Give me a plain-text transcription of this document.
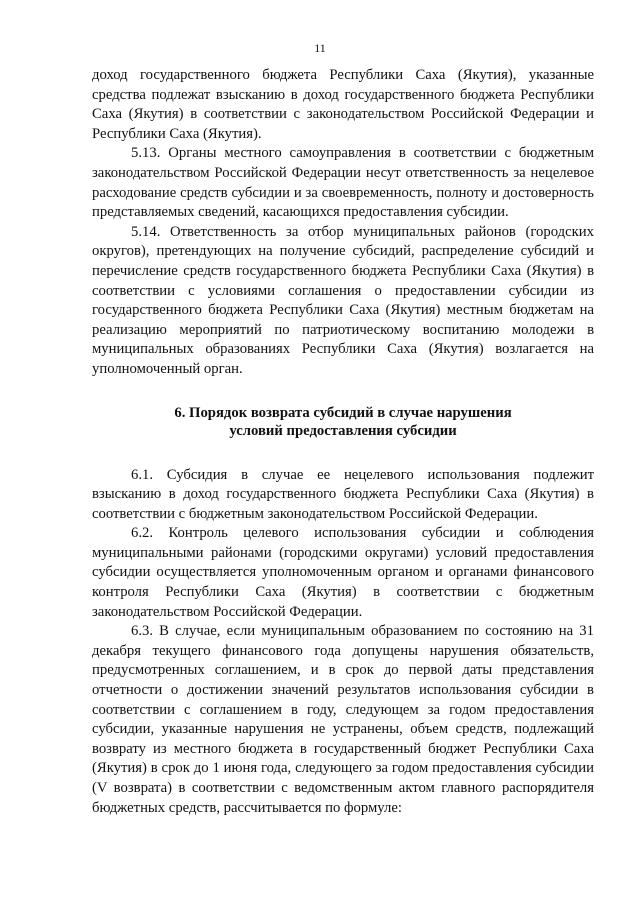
11

доход государственного бюджета Республики Саха (Якутия), указанные средства подлежат взысканию в доход государственного бюджета Республики Саха (Якутия) в соответствии с законодательством Российской Федерации и Республики Саха (Якутия).

5.13. Органы местного самоуправления в соответствии с бюджетным законодательством Российской Федерации несут ответственность за нецелевое расходование средств субсидии и за своевременность, полноту и достоверность представляемых сведений, касающихся предоставления субсидии.

5.14. Ответственность за отбор муниципальных районов (городских округов), претендующих на получение субсидий, распределение субсидий и перечисление средств государственного бюджета Республики Саха (Якутия) в соответствии с условиями соглашения о предоставлении субсидии из государственного бюджета Республики Саха (Якутия) местным бюджетам на реализацию мероприятий по патриотическому воспитанию молодежи в муниципальных образованиях Республики Саха (Якутия) возлагается на уполномоченный орган.

6. Порядок возврата субсидий в случае нарушения
условий предоставления субсидии

6.1. Субсидия в случае ее нецелевого использования подлежит взысканию в доход государственного бюджета Республики Саха (Якутия) в соответствии с бюджетным законодательством Российской Федерации.

6.2. Контроль целевого использования субсидии и соблюдения муниципальными районами (городскими округами) условий предоставления субсидии осуществляется уполномоченным органом и органами финансового контроля Республики Саха (Якутия) в соответствии с бюджетным законодательством Российской Федерации.

6.3. В случае, если муниципальным образованием по состоянию на 31 декабря текущего финансового года допущены нарушения обязательств, предусмотренных соглашением, и в срок до первой даты представления отчетности о достижении значений результатов использования субсидии в соответствии с соглашением в году, следующем за годом предоставления субсидии, указанные нарушения не устранены, объем средств, подлежащий возврату из местного бюджета в государственный бюджет Республики Саха (Якутия) в срок до 1 июня года, следующего за годом предоставления субсидии (V возврата) в соответствии с ведомственным актом главного распорядителя бюджетных средств, рассчитывается по формуле:
